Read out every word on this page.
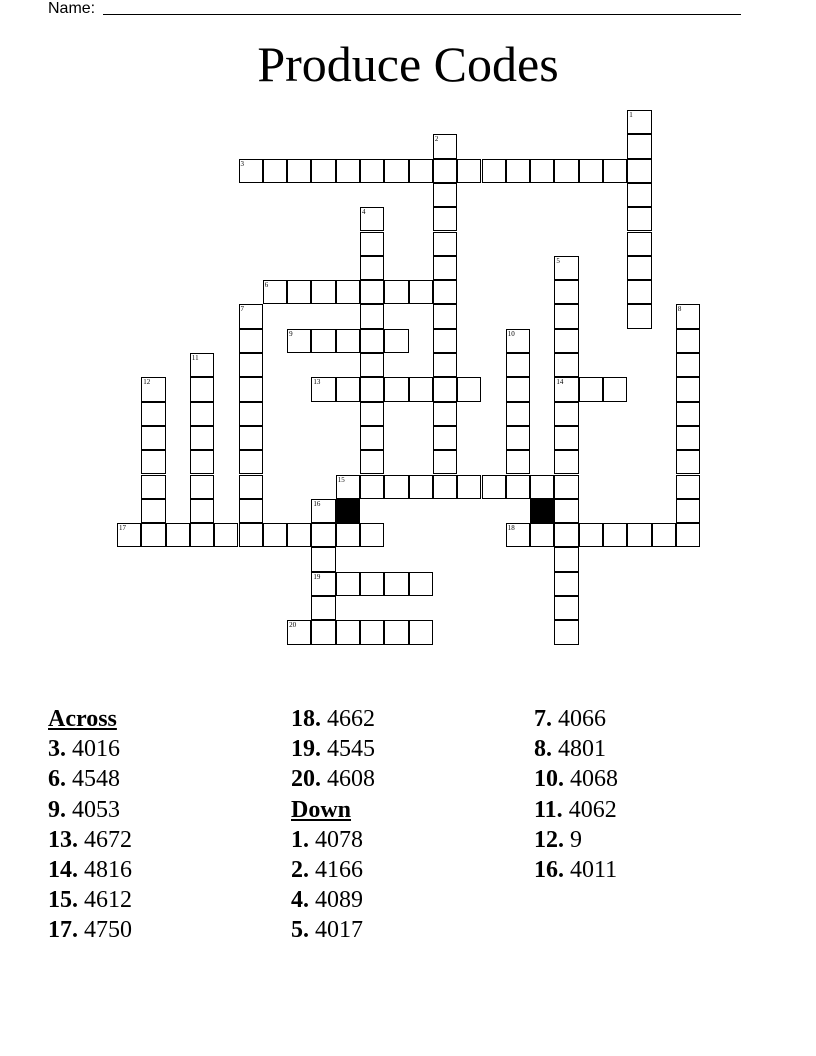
Name:
Produce Codes
3
6
9
13	14
15
17	18
19
20
1
2
4
5
7	8
10
11
12
16
Across
3. 4016
6. 4548
9. 4053
13. 4672
14. 4816
15. 4612
17. 4750
18. 4662
19. 4545
20. 4608
Down
1. 4078
2. 4166
4. 4089
5. 4017
7. 4066
8. 4801
10. 4068
11. 4062
12. 9
16. 4011
